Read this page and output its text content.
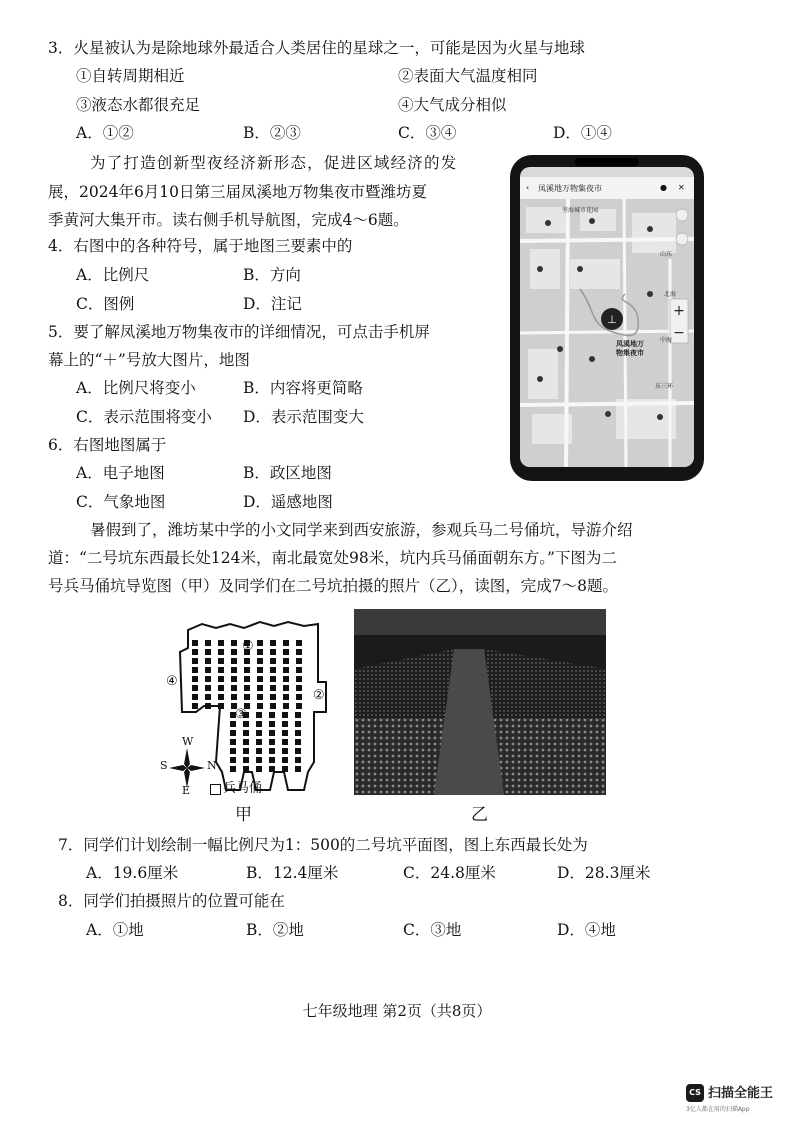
3．火星被认为是除地球外最适合人类居住的星球之一，可能是因为火星与地球
①自转周期相近	②表面大气温度相同
③液态水都很充足	④大气成分相似
A．①②	B．②③	C．③④	D．①④
为了打造创新型夜经济新形态，促进区域经济的发
展，2024年6月10日第三届凤溪地万物集夜市暨潍坊夏
季黄河大集开市。读右侧手机导航图，完成4～6题。
4．右图中的各种符号，属于地图三要素中的
A．比例尺	B．方向
C．图例	D．注记
5．要了解凤溪地万物集夜市的详细情况，可点击手机屏
幕上的“＋”号放大图片，地图
A．比例尺将变小	B．内容将更简略
C．表示范围将变小 D．表示范围变大
6．右图地图属于
A．电子地图	B．政区地图
C．气象地图	D．遥感地图
‹ 凤溪地万物集夜市	● ✕
⊥
+
−
坚海城市花园
凤溪地万
物集夜市
北海
东三环
山东
中海
暑假到了，潍坊某中学的小文同学来到西安旅游，参观兵马二号俑坑，导游介绍
道：“二号坑东西最长处124米，南北最宽处98米，坑内兵马俑面朝东方。”下图为二
号兵马俑坑导览图（甲）及同学们在二号坑拍摄的照片（乙），读图，完成7～8题。
①
②
③
④
W
S	N
E	兵马俑
甲	乙
7．同学们计划绘制一幅比例尺为1：500的二号坑平面图，图上东西最长处为
A．19.6厘米	B．12.4厘米	C．24.8厘米	D．28.3厘米
8．同学们拍摄照片的位置可能在
A．①地	B．②地	C．③地	D．④地
七年级地理 第2页（共8页）
CS 扫描全能王
3亿人都在用的扫描App
